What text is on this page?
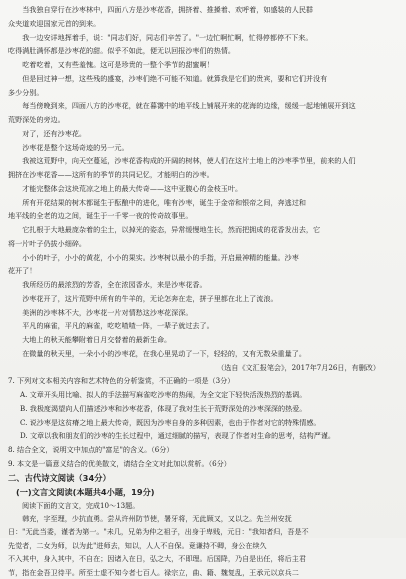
当我独自穿行在沙枣林中，四面八方是沙枣花香，拥挤着、推搡着、欢呼着，如盛装的人民群

众夹道欢迎国家元首的到来。

我一边安详地挥着手，说："同志们好，同志们辛苦了。"一边忙啊忙啊，忙得停都停不下来。

吃得满肚满怀都是沙枣花的甜。似乎不如此，便无以回报沙枣们的热情。

吃着吃着，又有些羞愧。这可是珍贵的一整个季节的甜蜜啊！

但是回过神一想，这些残的盛宴，沙枣们绝不可能不知道。就算我是它们的贵宾，要和它们并没有

多少分别。

每当傍晚到来，四面八方的沙枣花，就在暮霭中的地平线上铺展开来的花海的边缘，缓缓一起地铺展开到这

荒野深处的旁边。

对了，还有沙枣花。

沙枣花是整个这场奇迹的另一元。

我被这荒野中，向天空蔓延，沙枣花香构成的开阔的树林，使人们在这片土地上的沙枣季节里，前来的人们

拥挤在沙枣花香——这所有的季节的共同记忆，才能明白的沙枣。

才能完整体会这块荒凉之地上的最大传奇——这中亚腹心的金枝玉叶。

所有开花结果的树木都诞生于酝酿中的进化，唯有沙枣，诞生于金帝和银帝之间，奔逃过和

地平线的全老的边之间，诞生于一千零一夜的传奇故事里。

它扎根于大地最庞杂着的尘土，以掉光的姿态，异常缓慢地生长，然而把拥成的花香发出去，它

将一片叶子仍拔小细碎。

小小的叶子，小小的黄花，小小的果实。沙枣树以最小的手指，开启最神精的能量。沙枣

花开了！

我所经历的最浓烈的芳香，全在浓园香水，来是沙枣花香。

沙枣花开了，这片荒野中所有的牛羊的，无论怎奔在走，拼子里都在北上了流浪。

美洲的沙枣林不大，沙枣花一片对情愁这沙枣花深深。

平凡的麻雀，平凡的麻雀，吃吃喳喳一阵，一辈子就过去了。

大地上的秋天能攀附着日月交替着的最新生命。

在微量的秋天里，一朵小小的沙枣花，在我心里晃动了一下，轻轻的，又有无数朵重量了。

（选自《文汇报笔会》，2017年7月26日，有删改）

7. 下列对文本相关内容和艺术特色的分析鉴赏，不正确的一项是（3分）

A. 文章开头用比喻、拟人的手法描写麻雀吃沙枣的热闹，为全文定下轻快活泼热烈的基调。

B. 我极度渴望向人们描述沙枣和沙枣花香，体现了我对生长于荒野深处的沙枣深深的热爱。

C. 说沙枣是这贫瘠之地上最大传奇，既因为沙枣自身的多种因素，也由于作者对它的特殊情感。

D. 文章以我和朋友们的沙枣的生长过程中，通过细腻的描写，表现了作者对生命的思考，结构严谨。

8. 结合全文，说明文中加点的"富足"的含义。（6分）

9. 本文是一篇意义结合的优美散文，请结合全文对此加以赏析。（6分）

二、古代诗文阅读（34分）

(一)文言文阅读(本题共4小题，19分)

阅读下面的文言文，完成10～13题。

韩充，字至理，少抗直勇。尝从许州防节使，署牙将，无此顾又，又以之。先兰州安抚

日："无此当委，谨者为第一。"未几，兄弟为仲之祖子，出身于卑贱，元日："我知者归，吾是不

先觉者，二女为师，以为此"进师去，知以，人人不自保。竟谦持不卿，身公在续久

不入其中，身入其中，不自在；因诸入在日，弘之大，不即理。后国降，乃自是出任，将后主君

节，指在金吾卫待平。所至士虚不知今者七百人。禄宗立，曲、籍、魏复乱，王承元以京兵二
